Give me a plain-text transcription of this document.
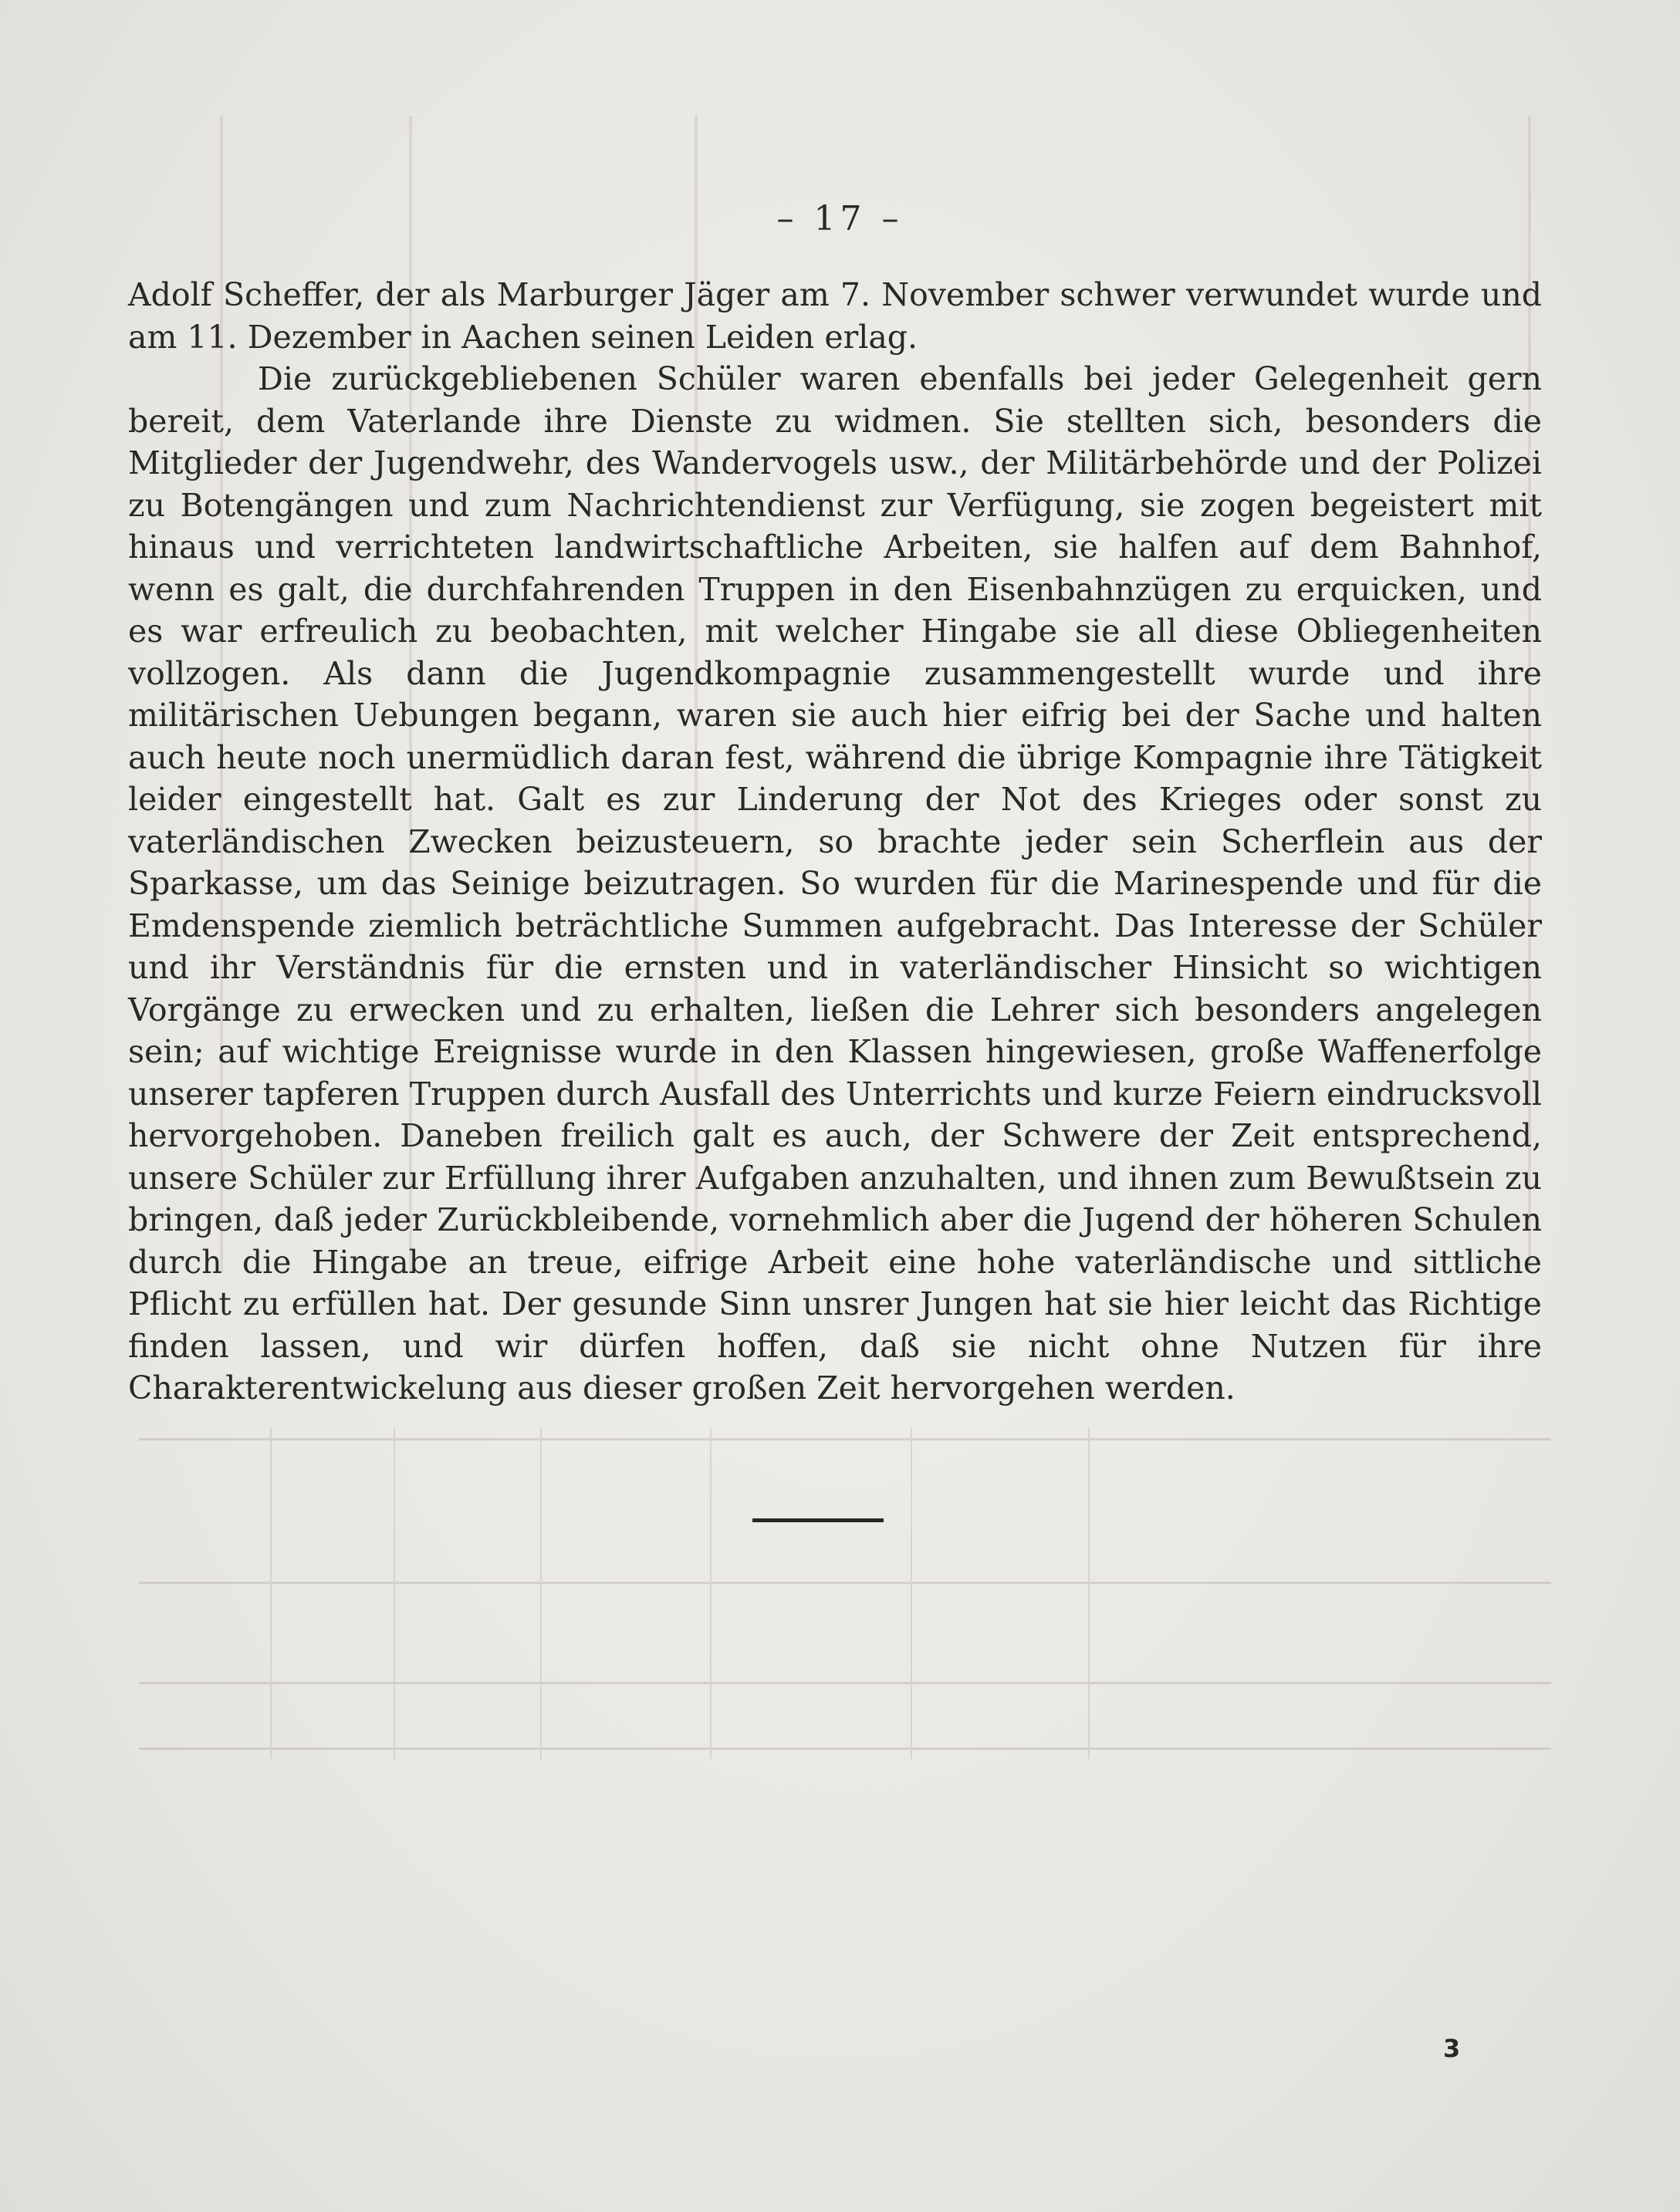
– 17 –

Adolf Scheffer, der als Marburger Jäger am 7. November schwer verwundet wurde und am 11. Dezember in Aachen seinen Leiden erlag.

Die zurückgebliebenen Schüler waren ebenfalls bei jeder Gelegenheit gern bereit, dem Vaterlande ihre Dienste zu widmen. Sie stellten sich, besonders die Mitglieder der Jugendwehr, des Wandervogels usw., der Militärbehörde und der Polizei zu Botengängen und zum Nachrichtendienst zur Verfügung, sie zogen begeistert mit hinaus und verrichteten landwirtschaftliche Arbeiten, sie halfen auf dem Bahnhof, wenn es galt, die durchfahrenden Truppen in den Eisenbahnzügen zu erquicken, und es war erfreulich zu beobachten, mit welcher Hingabe sie all diese Obliegenheiten vollzogen. Als dann die Jugendkompagnie zusammengestellt wurde und ihre militärischen Uebungen begann, waren sie auch hier eifrig bei der Sache und halten auch heute noch unermüdlich daran fest, während die übrige Kompagnie ihre Tätigkeit leider eingestellt hat. Galt es zur Linderung der Not des Krieges oder sonst zu vaterländischen Zwecken beizusteuern, so brachte jeder sein Scherflein aus der Sparkasse, um das Seinige beizutragen. So wurden für die Marinespende und für die Emdenspende ziemlich beträchtliche Summen aufgebracht. Das Interesse der Schüler und ihr Verständnis für die ernsten und in vaterländischer Hinsicht so wichtigen Vorgänge zu erwecken und zu erhalten, ließen die Lehrer sich besonders angelegen sein; auf wichtige Ereignisse wurde in den Klassen hingewiesen, große Waffenerfolge unserer tapferen Truppen durch Ausfall des Unterrichts und kurze Feiern eindrucksvoll hervorgehoben. Daneben freilich galt es auch, der Schwere der Zeit entsprechend, unsere Schüler zur Erfüllung ihrer Aufgaben anzuhalten, und ihnen zum Bewußtsein zu bringen, daß jeder Zurückbleibende, vornehmlich aber die Jugend der höheren Schulen durch die Hingabe an treue, eifrige Arbeit eine hohe vaterländische und sittliche Pflicht zu erfüllen hat. Der gesunde Sinn unsrer Jungen hat sie hier leicht das Richtige finden lassen, und wir dürfen hoffen, daß sie nicht ohne Nutzen für ihre Charakterentwickelung aus dieser großen Zeit hervorgehen werden.

3
